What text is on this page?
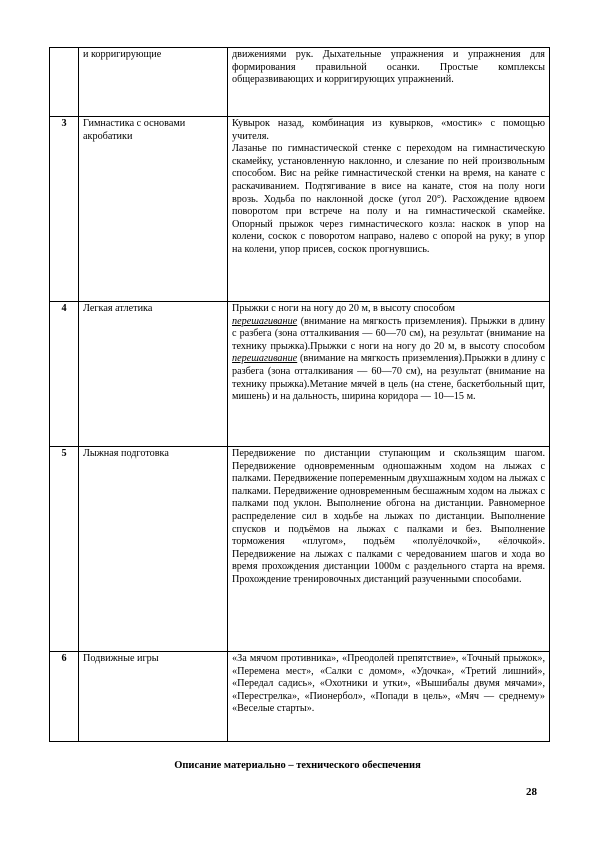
	и корригирующие	движениями рук. Дыхательные упражнения и упражнения для формирования правильной осанки. Простые комплексы общеразвивающих и корригирующих упражнений.

3	Гимнастика с основами акробатики	Кувырок назад, комбинация из кувырков, «мостик» с помощью учителя.
Лазанье по гимнастической стенке с переходом на гимнастическую скамейку, установленную наклонно, и слезание по ней произвольным способом. Вис на рейке гимнастической стенки на время, на канате с раскачиванием. Подтягивание в висе на канате, стоя на полу ноги врозь. Ходьба по наклонной доске (угол 20°). Расхождение вдвоем поворотом при встрече на полу и на гимнастической скамейке. Опорный прыжок через гимнастического козла: наскок в упор на колени, соскок с поворотом направо, налево с опорой на руку; в упор на колени, упор присев, соскок прогнувшись.

4	Легкая атлетика	Прыжки с ноги на ногу до 20 м, в высоту способом
перешагивание (внимание на мягкость приземления). Прыжки в длину с разбега (зона отталкивания — 60—70 см), на результат (внимание на технику прыжка).Прыжки с ноги на ногу до 20 м, в высоту способом перешагивание (внимание на мягкость приземления).Прыжки в длину с разбега (зона отталкивания — 60—70 см), на результат (внимание на технику прыжка).Метание мячей в цель (на стене, баскетбольный щит, мишень) и на дальность, ширина коридора — 10—15 м.
5	Лыжная подготовка	Передвижение по дистанции ступающим и скользящим шагом. Передвижение одновременным одношажным ходом на лыжах с палками. Передвижение попеременным двухшажным ходом на лыжах с палками. Передвижение одновременным бесшажным ходом на лыжах с палками под уклон. Выполнение обгона на дистанции. Равномерное распределение сил в ходьбе на лыжах по дистанции. Выполнение спусков и подъёмов на лыжах с палками и без. Выполнение торможения «плугом», подъём «полуёлочкой», «ёлочкой». Передвижение на лыжах с палками с чередованием шагов и хода во время прохождения дистанции 1000м с раздельного старта на время. Прохождение тренировочных дистанций разученными способами.

6	Подвижные игры	«За мячом противника», «Преодолей препятствие», «Точный прыжок», «Перемена мест», «Салки с домом», «Удочка», «Третий лишний», «Передал садись», «Охотники и утки», «Вышибалы двумя мячами», «Перестрелка», «Пионербол», «Попади в цель», «Мяч — среднему» «Веселые старты».
Описание материально – технического обеспечения
28
